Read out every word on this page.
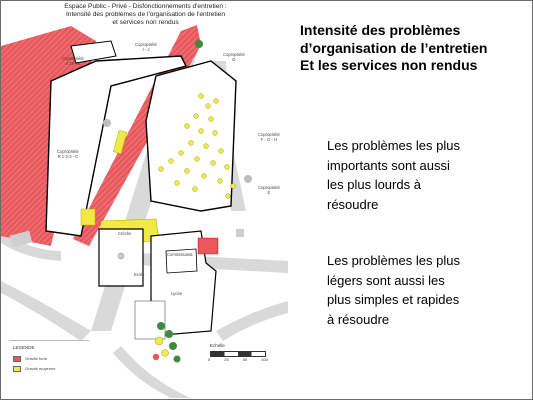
Espace Public - Privé - Disfonctionnements d'entretien :
Intensité des problèmes de l'organisation de l'entretien
et services non rendus
Copropriété
A 19 - B
Copropriété
I - J
Copropriété
D
Copropriété
F - G - H
Copropriété
E
Copropriété
R 1-2-3 - C
Crèche
Ecole
Commissariat
Lycée
LEGENDE
Gravité forte
Gravité moyenne
Echelle
0	25	50	100
Intensité des problèmes
d’organisation de l’entretien
Et les services non rendus
Les problèmes les plus
importants sont aussi
les plus lourds à
résoudre
Les problèmes les plus
légers sont aussi les
plus simples et rapides
à résoudre
